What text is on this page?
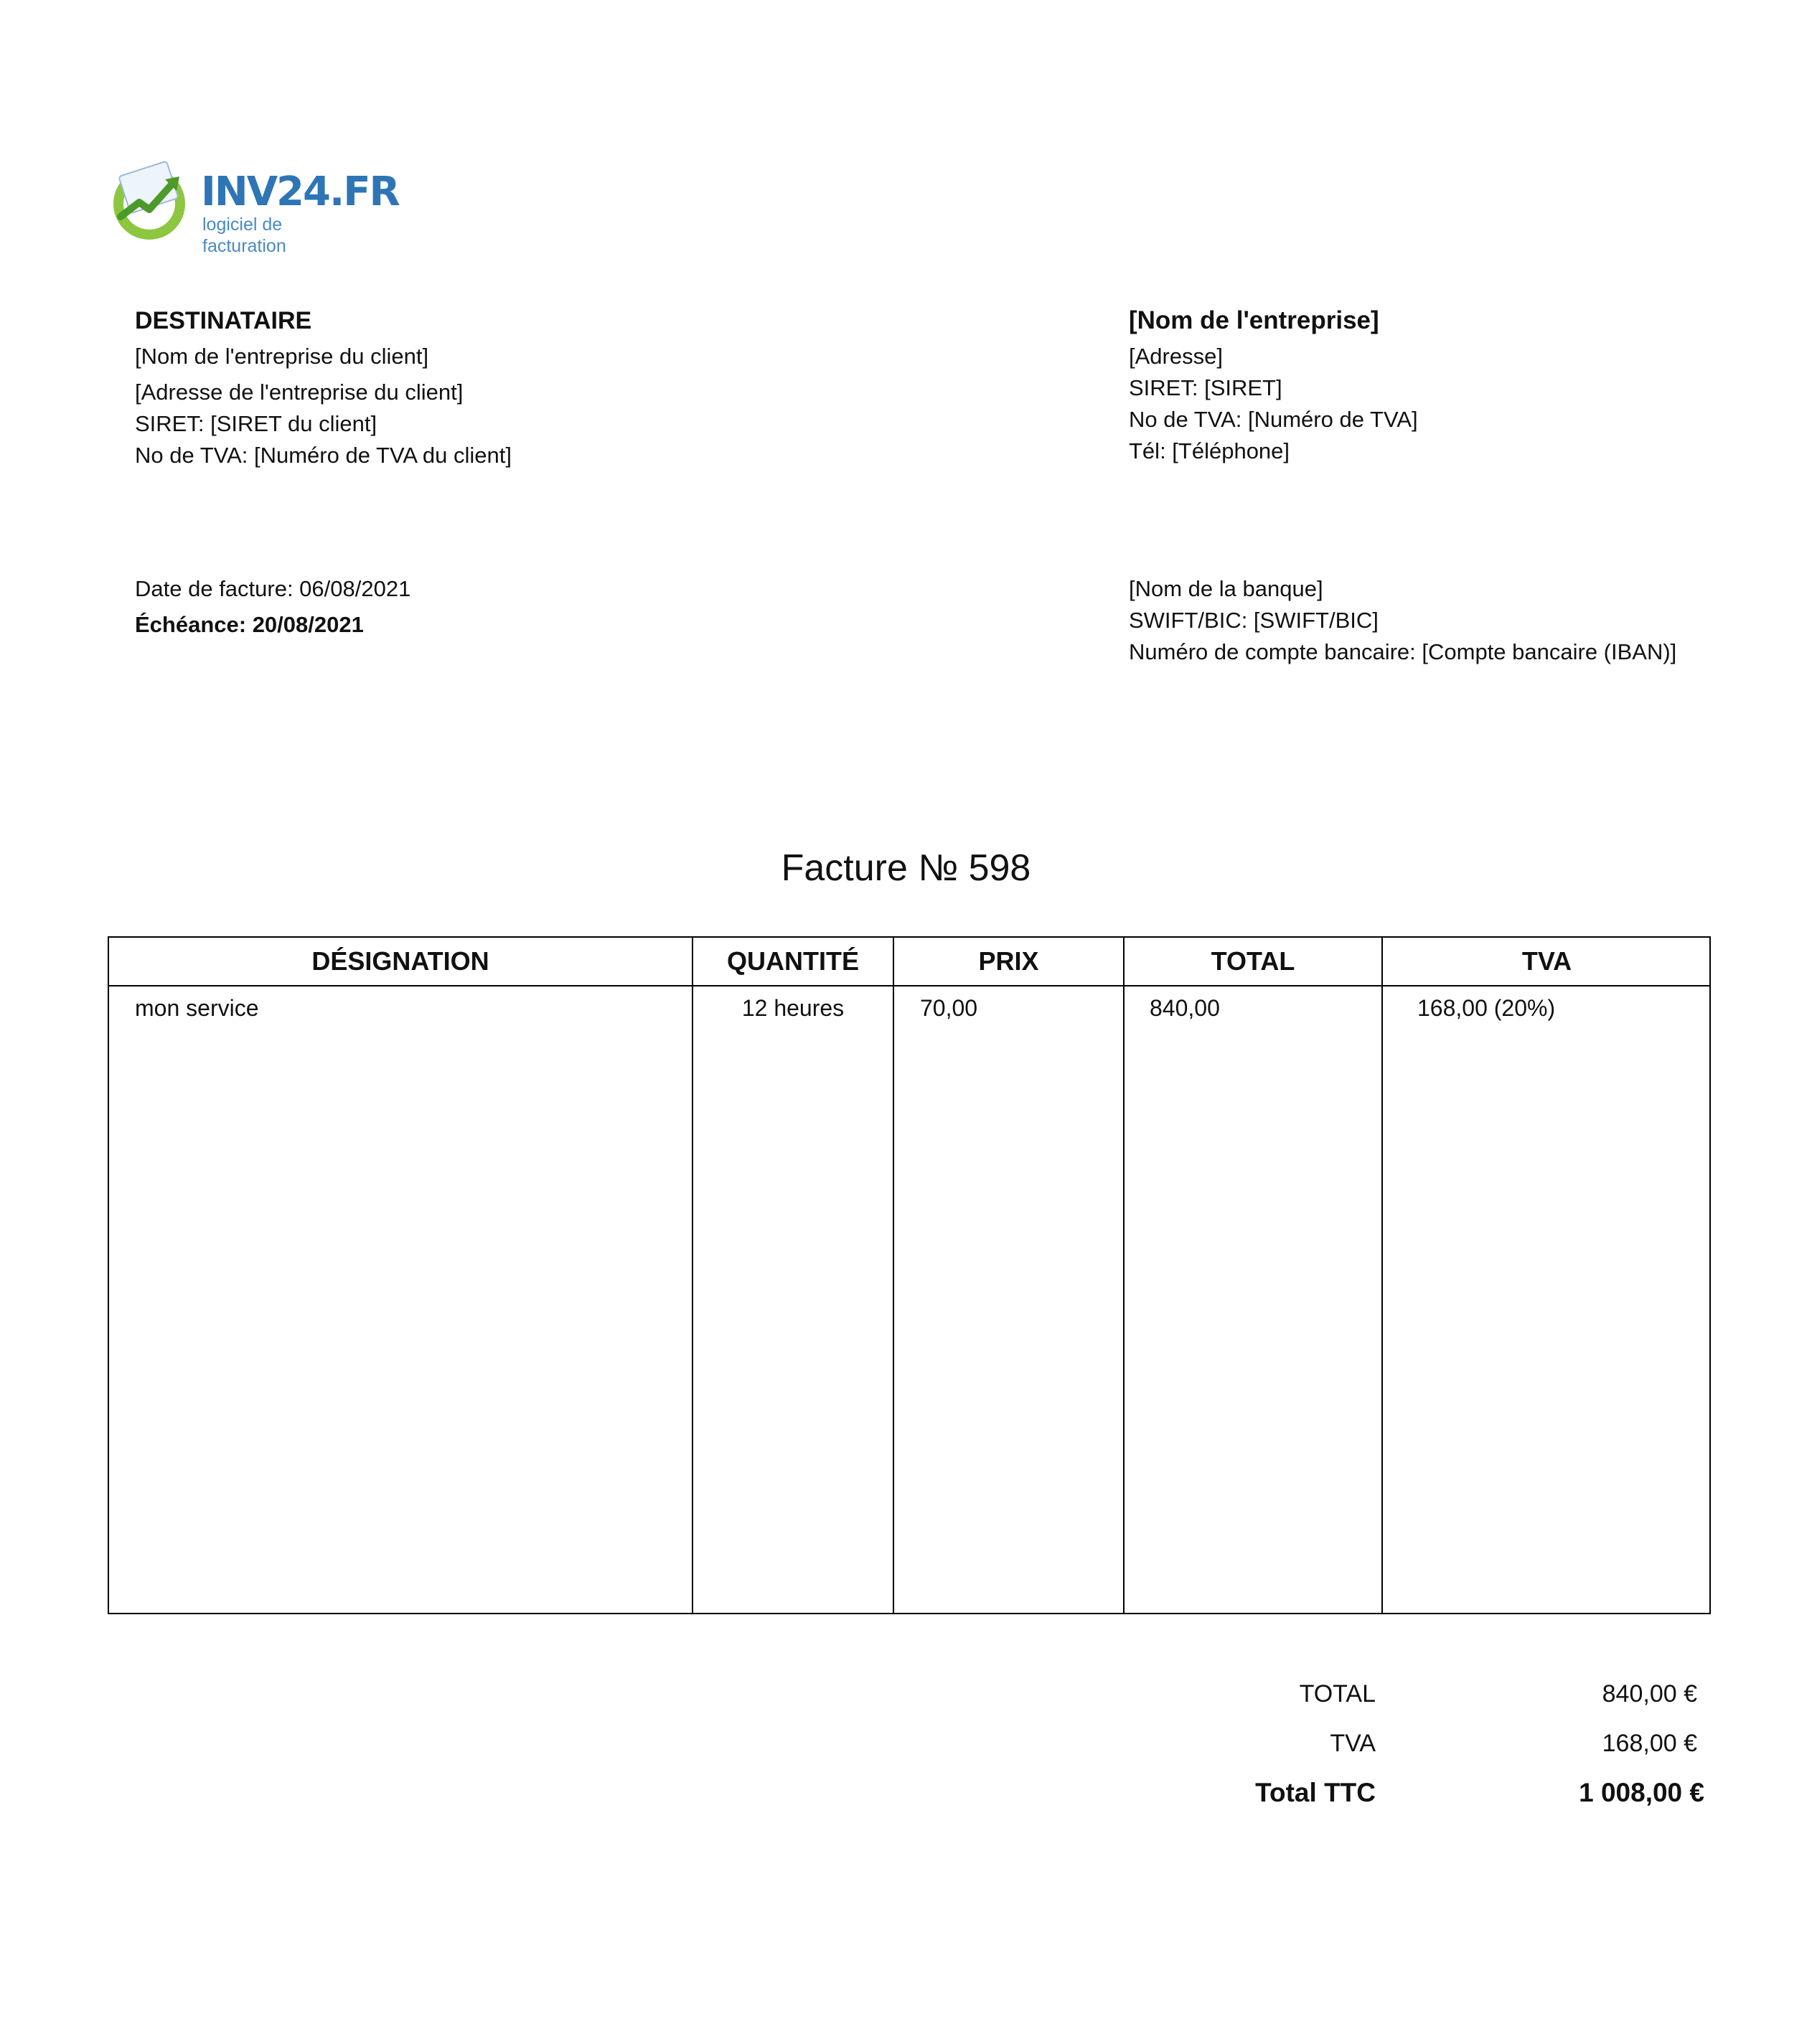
INV24.FR
logiciel de facturation
DESTINATAIRE
[Nom de l'entreprise du client]
[Adresse de l'entreprise du client]
SIRET: [SIRET du client]
No de TVA: [Numéro de TVA du client]
[Nom de l'entreprise]
[Adresse]
SIRET: [SIRET]
No de TVA: [Numéro de TVA]
Tél: [Téléphone]
Date de facture: 06/08/2021
Échéance: 20/08/2021
[Nom de la banque]
SWIFT/BIC: [SWIFT/BIC]
Numéro de compte bancaire: [Compte bancaire (IBAN)]
Facture № 598
DÉSIGNATION	QUANTITÉ	PRIX	TOTAL	TVA
mon service	12 heures	70,00	840,00	168,00 (20%)
TOTAL	840,00 €
TVA	168,00 €
Total TTC	1 008,00 €
